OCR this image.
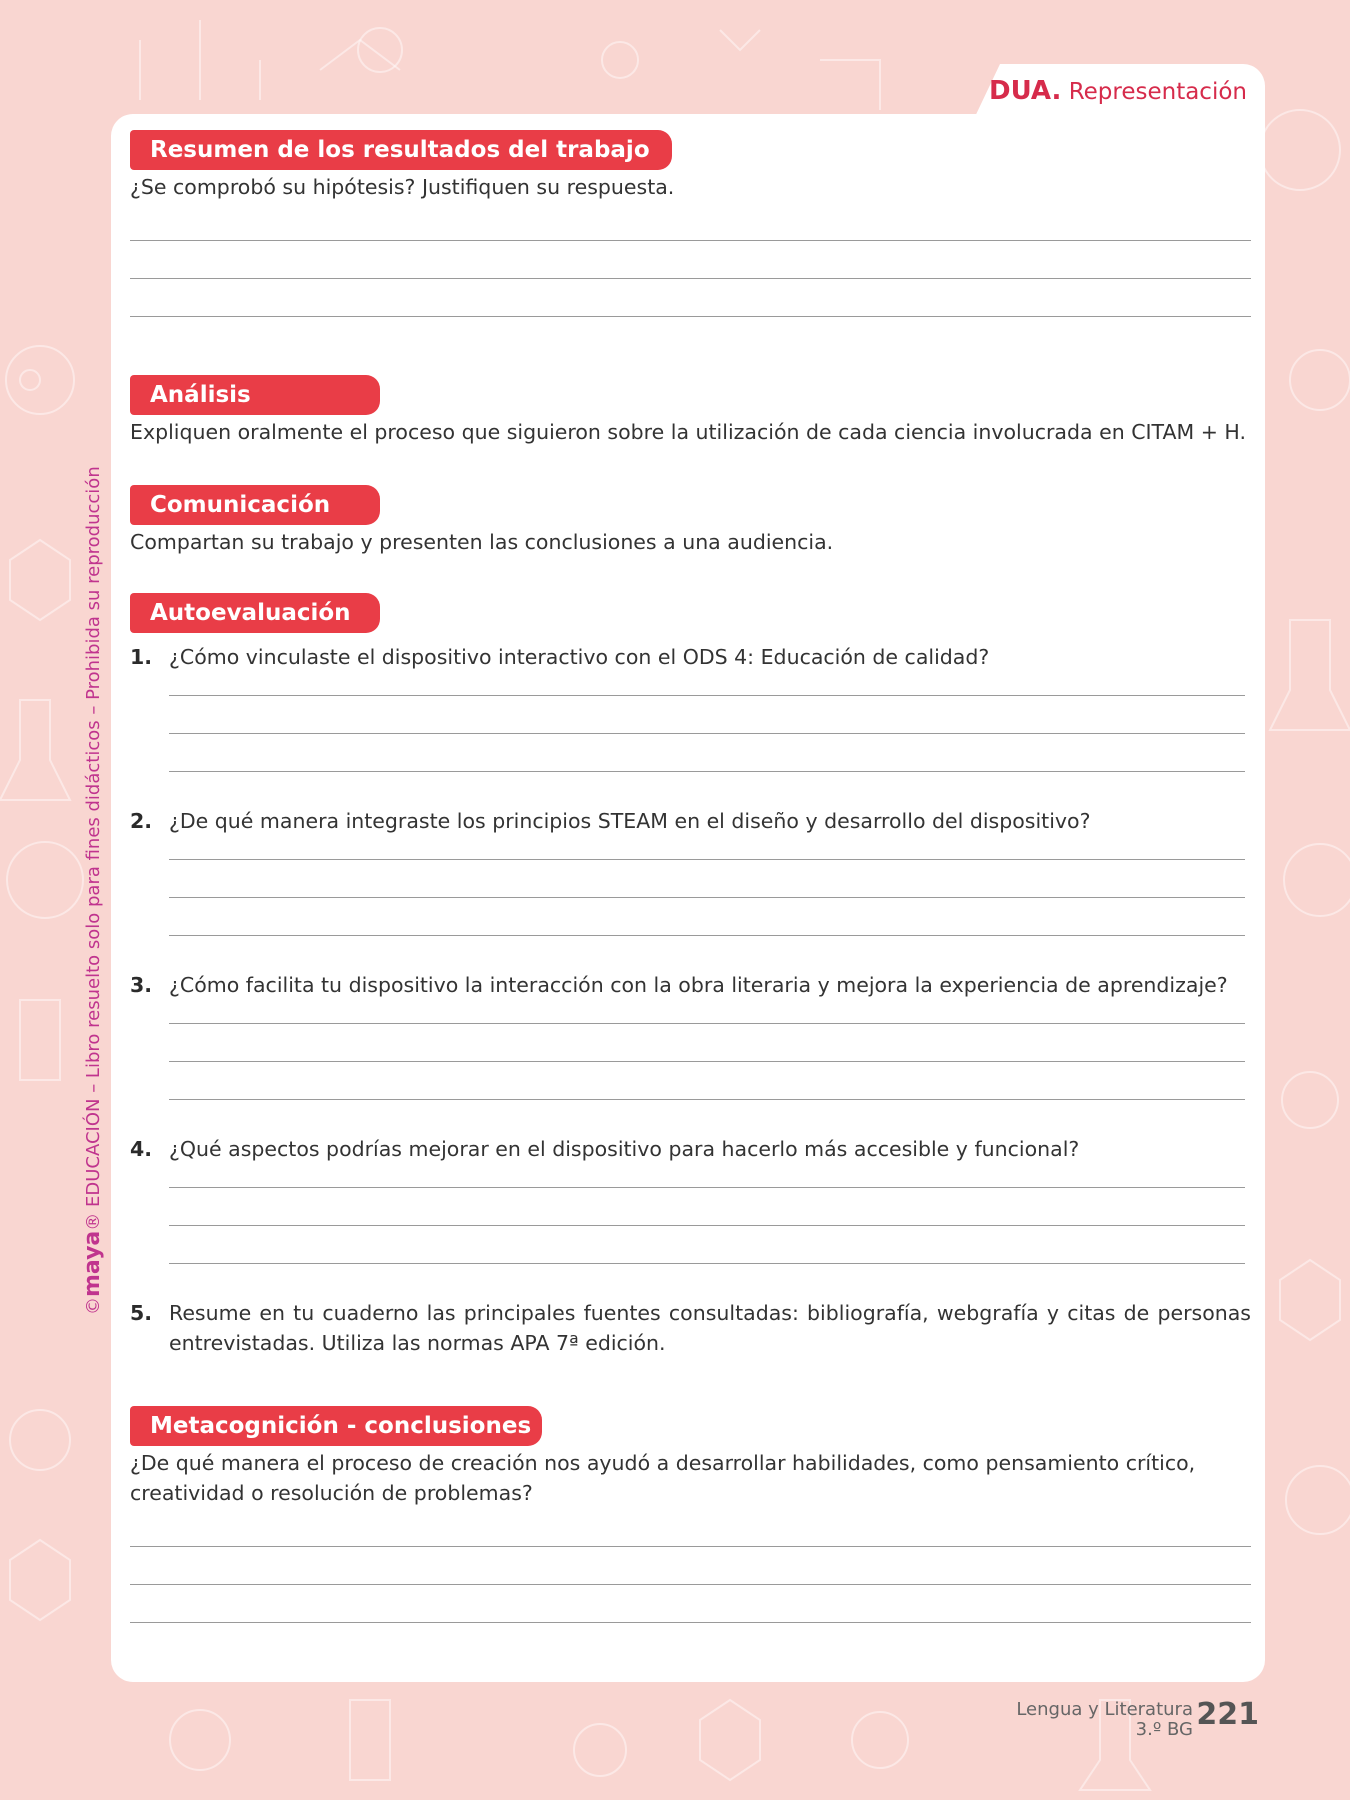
DUA. Representación
©maya® EDUCACIÓN – Libro resuelto solo para fines didácticos – Prohibida su reproducción
Resumen de los resultados del trabajo

¿Se comprobó su hipótesis? Justifiquen su respuesta.

Análisis

Expliquen oralmente el proceso que siguieron sobre la utilización de cada ciencia involucrada en CITAM + H.

Comunicación

Compartan su trabajo y presenten las conclusiones a una audiencia.

Autoevaluación
1. ¿Cómo vinculaste el dispositivo interactivo con el ODS 4: Educación de calidad?
2. ¿De qué manera integraste los principios STEAM en el diseño y desarrollo del dispositivo?
3. ¿Cómo facilita tu dispositivo la interacción con la obra literaria y mejora la experiencia de aprendizaje?
4. ¿Qué aspectos podrías mejorar en el dispositivo para hacerlo más accesible y funcional?
5. Resume en tu cuaderno las principales fuentes consultadas: bibliografía, webgrafía y citas de personas entrevistadas. Utiliza las normas APA 7ª edición.
Metacognición - conclusiones

¿De qué manera el proceso de creación nos ayudó a desarrollar habilidades, como pensamiento crítico, creatividad o resolución de problemas?

Lengua y Literatura
3.º BG 221
